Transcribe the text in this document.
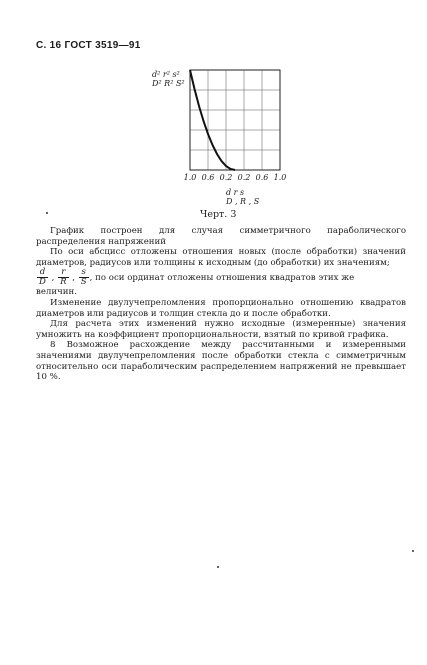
С. 16 ГОСТ 3519—91
d² r² s²
D² R² S²
1.0 0.6 0.2 0.2 0.6 1.0
d r s
D , R , S
Черт. 3

График построен для случая симметричного параболического распределения напряжений

По оси абсцисс отложены отношения новых (после обработки) значений диаметров, радиусов или толщины к исходным (до обработки) их значениям;

$\frac{d}{D}$ , $\frac{r}{R}$ , $\frac{s}{S}$ , по оси ординат отложены отношения квадратов этих же

величин.

Изменение двулучепреломления пропорционально отношению квадратов диаметров или радиусов и толщин стекла до и после обработки.

Для расчета этих изменений нужно исходные (измеренные) значения умножить на коэффициент пропорциональности, взятый по кривой графика.

8 Возможное расхождение между рассчитанными и измеренными значениями двулучепреломления после обработки стекла с симметричным относительно оси параболическим распределением напряжений не превышает 10 %.
